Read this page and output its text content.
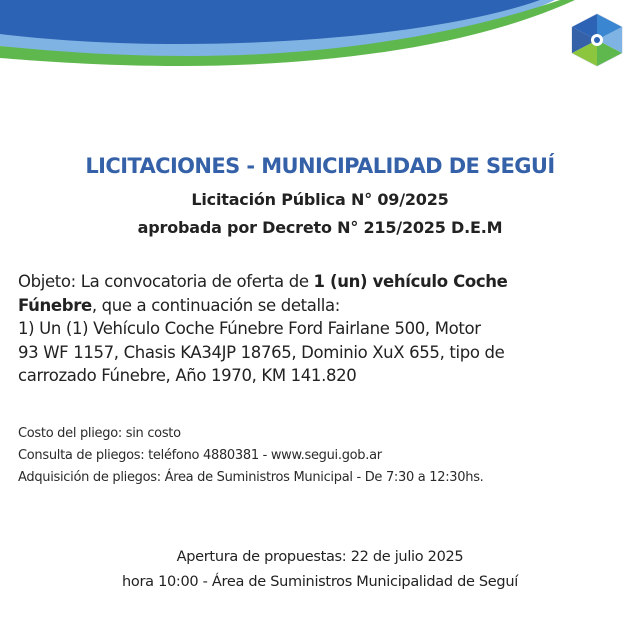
LICITACIONES - MUNICIPALIDAD DE SEGUÍ
Licitación Pública N° 09/2025
aprobada por Decreto N° 215/2025 D.E.M
Objeto: La convocatoria de oferta de 1 (un) vehículo Coche
Fúnebre, que a continuación se detalla:
1) Un (1) Vehículo Coche Fúnebre Ford Fairlane 500, Motor
93 WF 1157, Chasis KA34JP 18765, Dominio XuX 655, tipo de
carrozado Fúnebre, Año 1970, KM 141.820
Costo del pliego: sin costo
Consulta de pliegos: teléfono 4880381 - www.segui.gob.ar
Adquisición de pliegos: Área de Suministros Municipal - De 7:30 a 12:30hs.
Apertura de propuestas: 22 de julio 2025
hora 10:00 - Área de Suministros Municipalidad de Seguí
